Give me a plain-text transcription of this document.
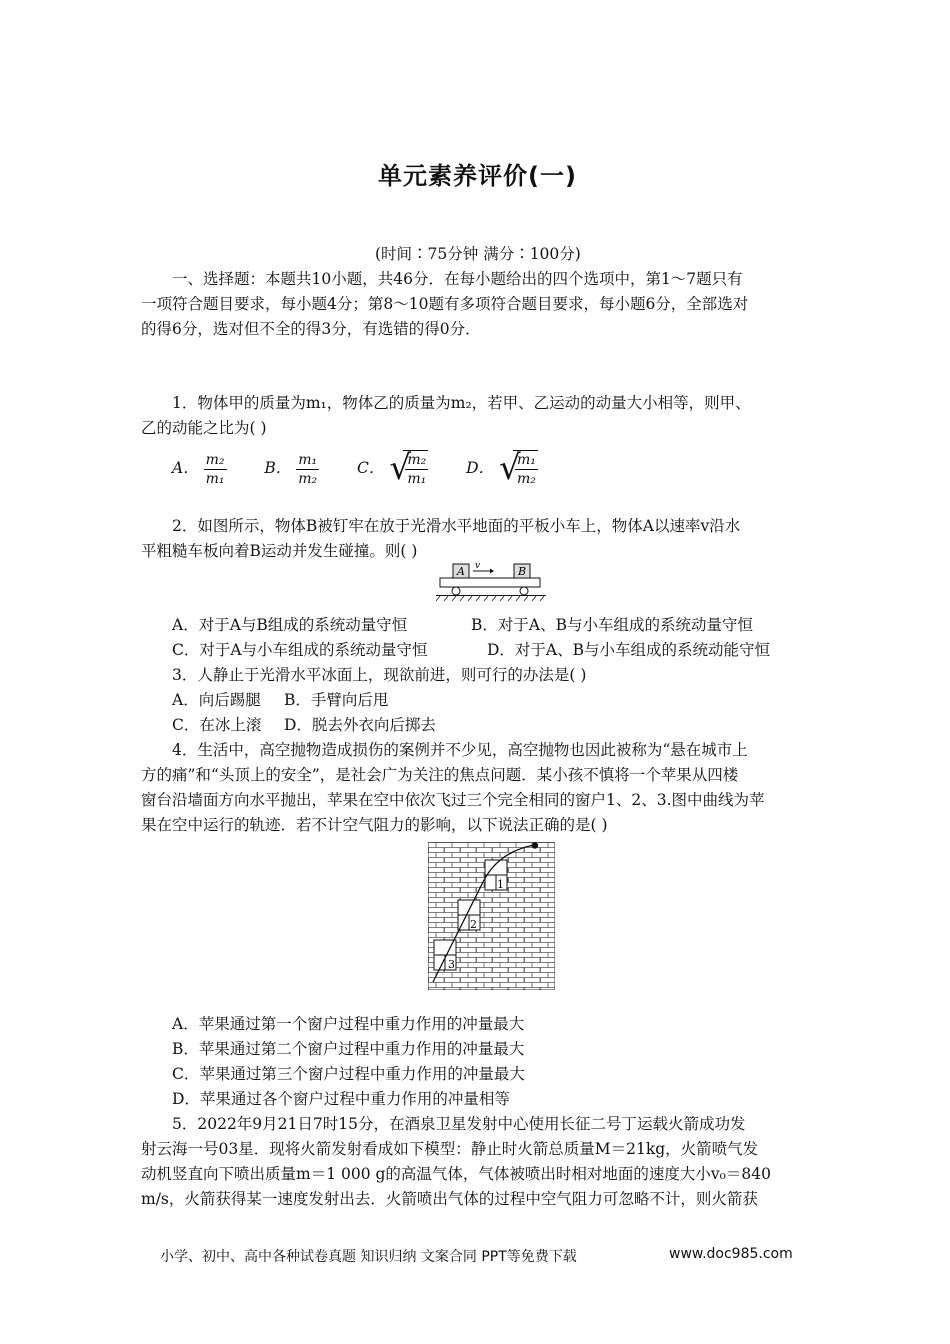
单元素养评价(一)
(时间∶75分钟 满分∶100分)
一、选择题：本题共10小题，共46分．在每小题给出的四个选项中，第1～7题只有
一项符合题目要求，每小题4分；第8～10题有多项符合题目要求，每小题6分，全部选对
的得6分，选对但不全的得3分，有选错的得0分．
1．物体甲的质量为m₁，物体乙的质量为m₂，若甲、乙运动的动量大小相等，则甲、
乙的动能之比为( )
A． $\frac{\text{m₂}}{\text{m₁}}$ B． $\frac{\text{m₁}}{\text{m₂}}$ C． √
$\frac{\text{m₂}}{\text{m₁}}$ D． √
$\frac{\text{m₁}}{\text{m₂}}$
2．如图所示，物体B被钉牢在放于光滑水平地面的平板小车上，物体A以速率v沿水
平粗糙车板向着B运动并发生碰撞。则( )
A	B
v
A．对于A与B组成的系统动量守恒	B．对于A、B与小车组成的系统动量守恒
C．对于A与小车组成的系统动量守恒	D．对于A、B与小车组成的系统动能守恒
3．人静止于光滑水平冰面上，现欲前进，则可行的办法是( )
A．向后踢腿 B．手臂向后甩
C．在冰上滚 D．脱去外衣向后掷去
4．生活中，高空抛物造成损伤的案例并不少见，高空抛物也因此被称为“悬在城市上
方的痛”和“头顶上的安全”，是社会广为关注的焦点问题．某小孩不慎将一个苹果从四楼
窗台沿墙面方向水平抛出，苹果在空中依次飞过三个完全相同的窗户1、2、3.图中曲线为苹
果在空中运行的轨迹．若不计空气阻力的影响，以下说法正确的是( )
1
2
3
A．苹果通过第一个窗户过程中重力作用的冲量最大
B．苹果通过第二个窗户过程中重力作用的冲量最大
C．苹果通过第三个窗户过程中重力作用的冲量最大
D．苹果通过各个窗户过程中重力作用的冲量相等
5．2022年9月21日7时15分，在酒泉卫星发射中心使用长征二号丁运载火箭成功发
射云海一号03星．现将火箭发射看成如下模型：静止时火箭总质量M＝21kg，火箭喷气发
动机竖直向下喷出质量m＝1 000 g的高温气体，气体被喷出时相对地面的速度大小v₀＝840
m/s，火箭获得某一速度发射出去．火箭喷出气体的过程中空气阻力可忽略不计，则火箭获
小学、初中、高中各种试卷真题 知识归纳 文案合同 PPT等免费下载	www.doc985.com
